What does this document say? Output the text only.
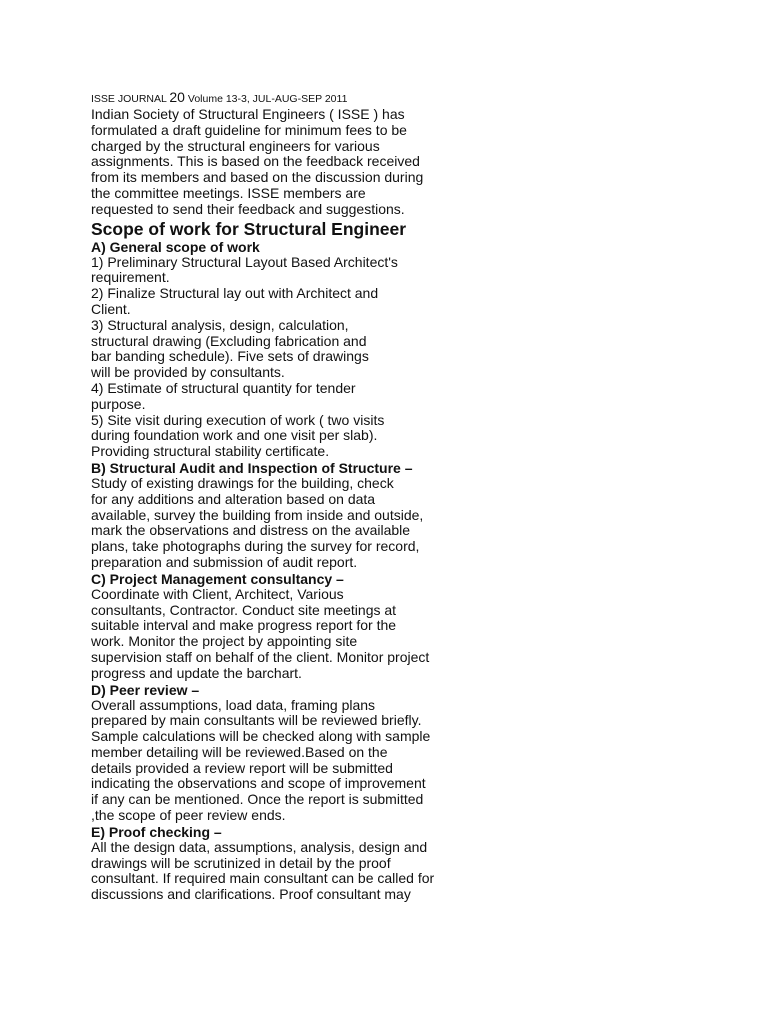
ISSE JOURNAL 20 Volume 13-3, JUL-AUG-SEP 2011

Indian Society of Structural Engineers ( ISSE ) has
formulated a draft guideline for minimum fees to be
charged by the structural engineers for various
assignments. This is based on the feedback received
from its members and based on the discussion during
the committee meetings. ISSE members are
requested to send their feedback and suggestions.
Scope of work for Structural Engineer
A) General scope of work
1) Preliminary Structural Layout Based Architect's
requirement.
2) Finalize Structural lay out with Architect and
Client.
3) Structural analysis, design, calculation,
structural drawing (Excluding fabrication and
bar banding schedule). Five sets of drawings
will be provided by consultants.
4) Estimate of structural quantity for tender
purpose.
5) Site visit during execution of work ( two visits
during foundation work and one visit per slab).
Providing structural stability certificate.
B) Structural Audit and Inspection of Structure –
Study of existing drawings for the building, check
for any additions and alteration based on data
available, survey the building from inside and outside,
mark the observations and distress on the available
plans, take photographs during the survey for record,
preparation and submission of audit report.
C) Project Management consultancy –
Coordinate with Client, Architect, Various
consultants, Contractor. Conduct site meetings at
suitable interval and make progress report for the
work. Monitor the project by appointing site
supervision staff on behalf of the client. Monitor project
progress and update the barchart.
D) Peer review –
Overall assumptions, load data, framing plans
prepared by main consultants will be reviewed briefly.
Sample calculations will be checked along with sample
member detailing will be reviewed.Based on the
details provided a review report will be submitted
indicating the observations and scope of improvement
if any can be mentioned. Once the report is submitted
,the scope of peer review ends.
E) Proof checking –
All the design data, assumptions, analysis, design and
drawings will be scrutinized in detail by the proof
consultant. If required main consultant can be called for
discussions and clarifications. Proof consultant may
